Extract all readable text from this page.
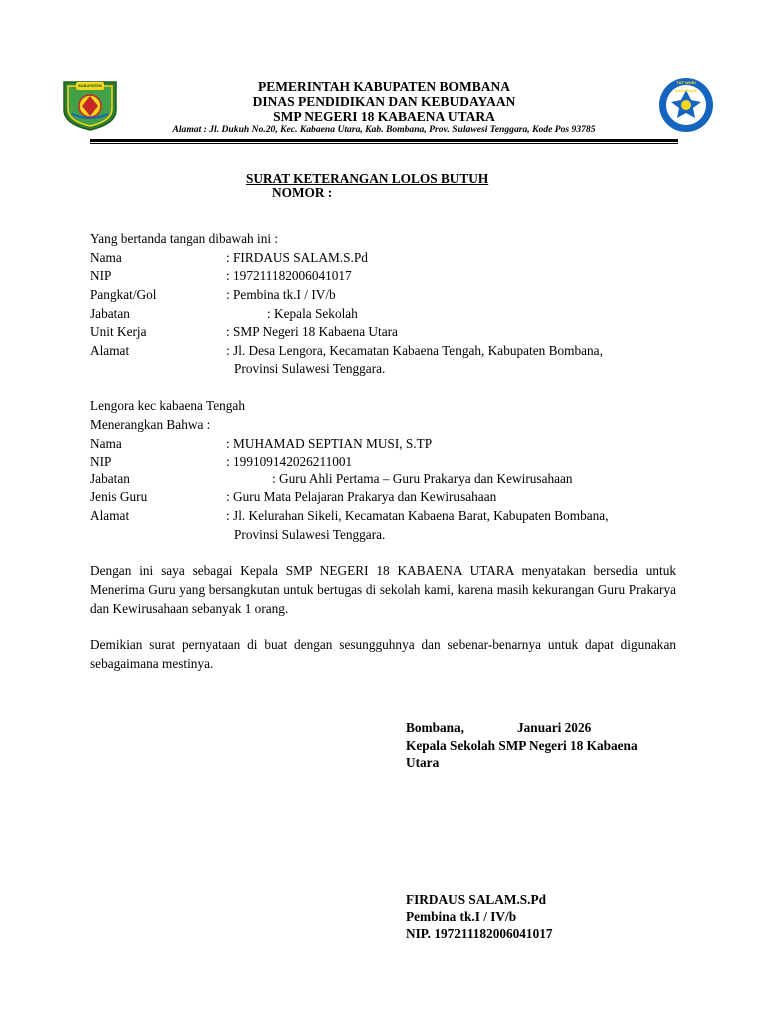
KABUPATEN
TUT WURI HANDAYANI
PEMERINTAH KABUPATEN BOMBANA
DINAS PENDIDIKAN DAN KEBUDAYAAN
SMP NEGERI 18 KABAENA UTARA
Alamat : Jl. Dukuh No.20, Kec. Kabaena Utara, Kab. Bombana, Prov. Sulawesi Tenggara, Kode Pos 93785
SURAT KETERANGAN LOLOS BUTUH
NOMOR :
Yang bertanda tangan dibawah ini :
Nama	: FIRDAUS SALAM.S.Pd
NIP	: 197211182006041017
Pangkat/Gol	: Pembina tk.I / IV/b
Jabatan	: Kepala Sekolah
Unit Kerja	: SMP Negeri 18 Kabaena Utara
Alamat	: Jl. Desa Lengora, Kecamatan Kabaena Tengah, Kabupaten Bombana,
Provinsi Sulawesi Tenggara.
Lengora kec kabaena Tengah
Menerangkan Bahwa :
Nama	: MUHAMAD SEPTIAN MUSI, S.TP
NIP	: 199109142026211001
Jabatan	: Guru Ahli Pertama – Guru Prakarya dan Kewirusahaan
Jenis Guru	: Guru Mata Pelajaran Prakarya dan Kewirusahaan
Alamat	: Jl. Kelurahan Sikeli, Kecamatan Kabaena Barat, Kabupaten Bombana,
Provinsi Sulawesi Tenggara.
Dengan ini saya sebagai Kepala SMP NEGERI 18 KABAENA UTARA menyatakan bersedia untuk Menerima Guru yang bersangkutan untuk bertugas di sekolah kami, karena masih kekurangan Guru Prakarya dan Kewirusahaan sebanyak 1 orang.
Demikian surat pernyataan di buat dengan sesungguhnya dan sebenar-benarnya untuk dapat digunakan sebagaimana mestinya.
Bombana,	Januari 2026
Kepala Sekolah SMP Negeri 18 Kabaena
Utara
FIRDAUS SALAM.S.Pd
Pembina tk.I / IV/b
NIP. 197211182006041017
